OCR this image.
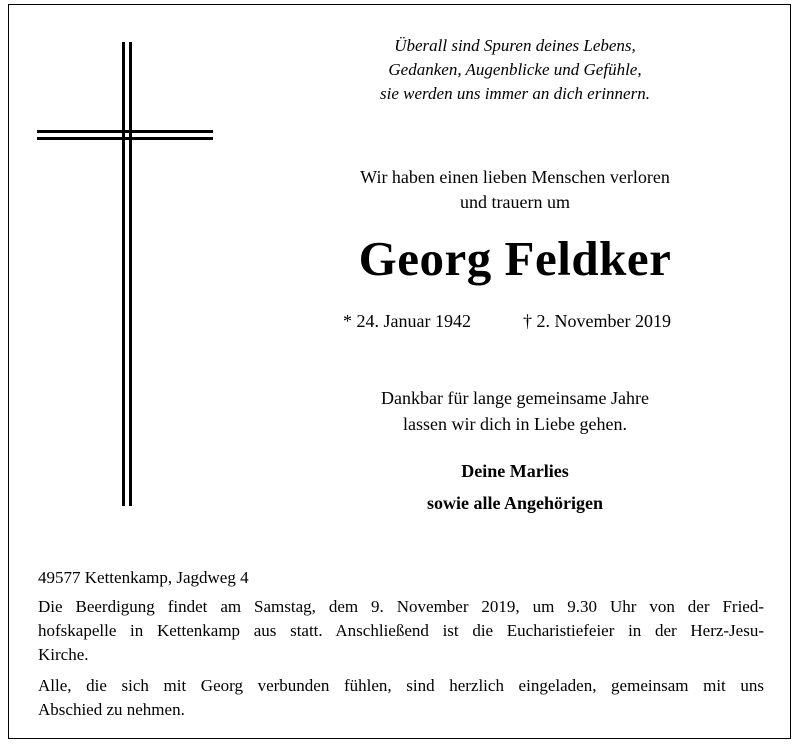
Überall sind Spuren deines Lebens,
Gedanken, Augenblicke und Gefühle,
sie werden uns immer an dich erinnern.
Wir haben einen lieben Menschen verloren
und trauern um
Georg Feldker
* 24. Januar 1942	† 2. November 2019
Dankbar für lange gemeinsame Jahre
lassen wir dich in Liebe gehen.
Deine Marlies
sowie alle Angehörigen
49577 Kettenkamp, Jagdweg 4
Die Beerdigung findet am Samstag, dem 9. November 2019, um 9.30 Uhr von der Fried-
hofskapelle in Kettenkamp aus statt. Anschließend ist die Eucharistiefeier in der Herz-Jesu-
Kirche.
Alle, die sich mit Georg verbunden fühlen, sind herzlich eingeladen, gemeinsam mit uns
Abschied zu nehmen.
